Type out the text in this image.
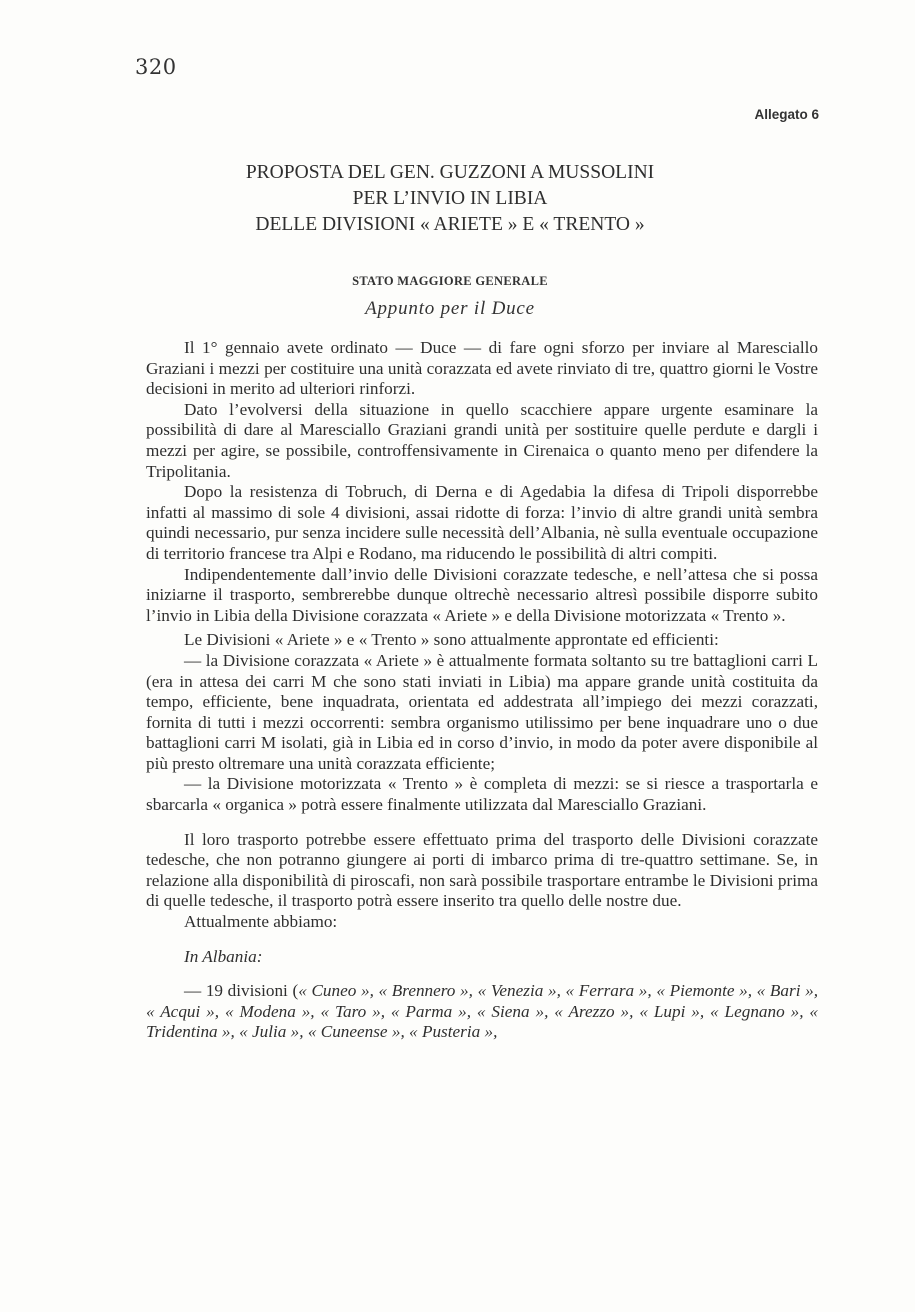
320
Allegato 6
PROPOSTA DEL GEN. GUZZONI A MUSSOLINI
PER L’INVIO IN LIBIA
DELLE DIVISIONI « ARIETE » E « TRENTO »
STATO MAGGIORE GENERALE
Appunto per il Duce

Il 1° gennaio avete ordinato — Duce — di fare ogni sforzo per inviare al Maresciallo Graziani i mezzi per costituire una unità corazzata ed avete rinviato di tre, quattro giorni le Vostre decisioni in merito ad ulteriori rinforzi.

Dato l’evolversi della situazione in quello scacchiere appare urgente esaminare la possibilità di dare al Maresciallo Graziani grandi unità per sostituire quelle perdute e dargli i mezzi per agire, se possibile, controffensivamente in Cirenaica o quanto meno per difendere la Tripolitania.

Dopo la resistenza di Tobruch, di Derna e di Agedabia la difesa di Tripoli disporrebbe infatti al massimo di sole 4 divisioni, assai ridotte di forza: l’invio di altre grandi unità sembra quindi necessario, pur senza incidere sulle necessità dell’Albania, nè sulla eventuale occupazione di territorio francese tra Alpi e Rodano, ma riducendo le possibilità di altri compiti.

Indipendentemente dall’invio delle Divisioni corazzate tedesche, e nell’attesa che si possa iniziarne il trasporto, sembrerebbe dunque oltrechè necessario altresì possibile disporre subito l’invio in Libia della Divisione corazzata « Ariete » e della Divisione motorizzata « Trento ».

Le Divisioni « Ariete » e « Trento » sono attualmente approntate ed efficienti:

— la Divisione corazzata « Ariete » è attualmente formata soltanto su tre battaglioni carri L (era in attesa dei carri M che sono stati inviati in Libia) ma appare grande unità costituita da tempo, efficiente, bene inquadrata, orientata ed addestrata all’impiego dei mezzi corazzati, fornita di tutti i mezzi occorrenti: sembra organismo utilissimo per bene inquadrare uno o due battaglioni carri M isolati, già in Libia ed in corso d’invio, in modo da poter avere disponibile al più presto oltremare una unità corazzata efficiente;

— la Divisione motorizzata « Trento » è completa di mezzi: se si riesce a trasportarla e sbarcarla « organica » potrà essere finalmente utilizzata dal Maresciallo Graziani.

Il loro trasporto potrebbe essere effettuato prima del trasporto delle Divisioni corazzate tedesche, che non potranno giungere ai porti di imbarco prima di tre-quattro settimane. Se, in relazione alla disponibilità di piroscafi, non sarà possibile trasportare entrambe le Divisioni prima di quelle tedesche, il trasporto potrà essere inserito tra quello delle nostre due.

Attualmente abbiamo:

In Albania:

— 19 divisioni (« Cuneo », « Brennero », « Venezia », « Ferrara », « Piemonte », « Bari », « Acqui », « Modena », « Taro », « Parma », « Siena », « Arezzo », « Lupi », « Legnano », « Tridentina », « Julia », « Cuneense », « Pusteria »,
